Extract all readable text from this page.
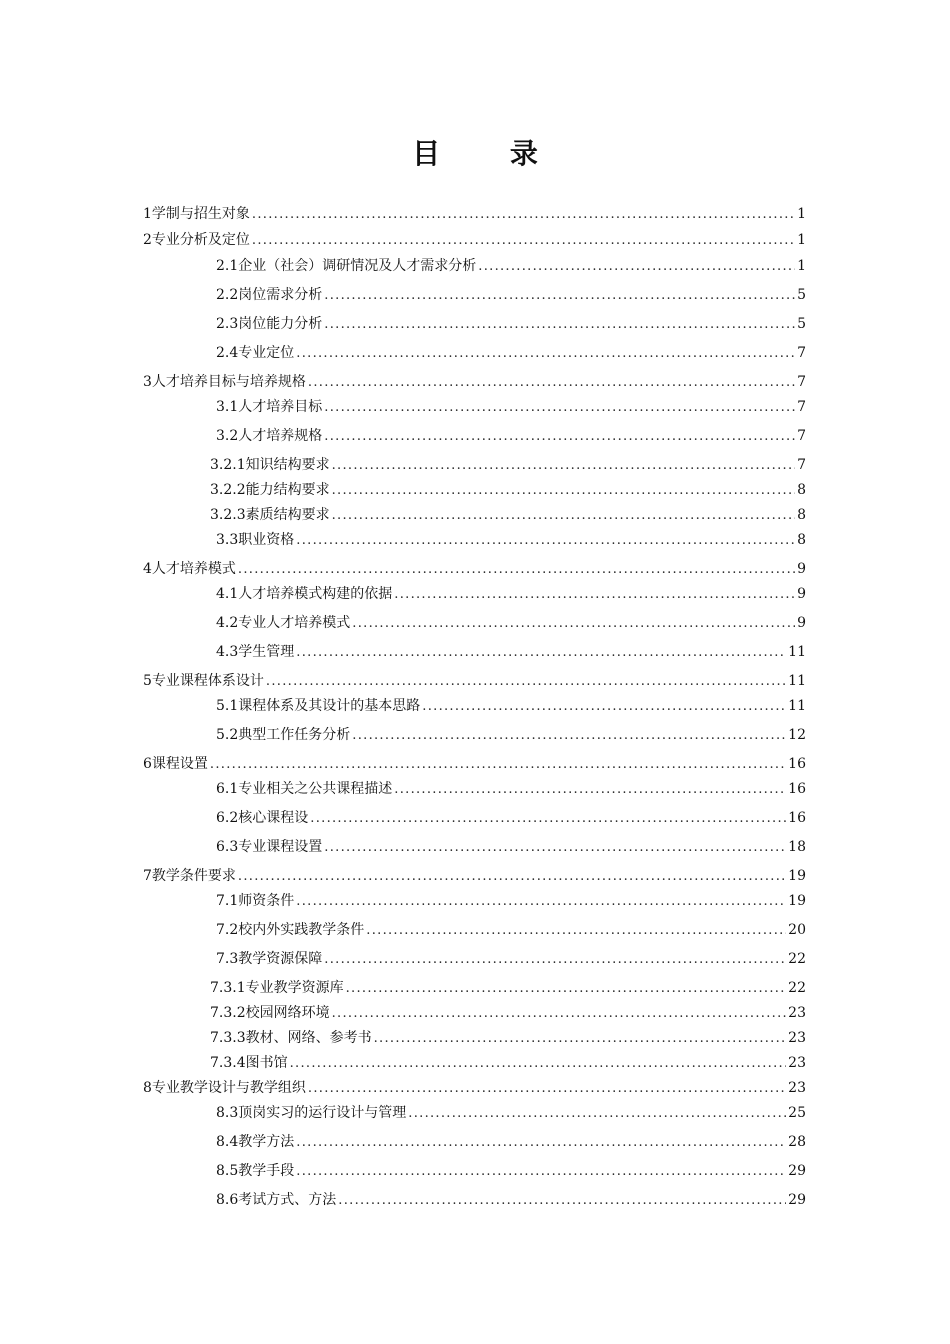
目 录
1学制与招生对象 .....	1
2专业分析及定位 .....	1
2.1企业（社会）调研情况及人才需求分析 .....	1
2.2岗位需求分析 .....	5
2.3岗位能力分析 .....	5
2.4专业定位 .....	7
3人才培养目标与培养规格 .....	7
3.1人才培养目标 .....	7
3.2人才培养规格 .....	7
3.2.1知识结构要求 .....	7
3.2.2能力结构要求 .....	8
3.2.3素质结构要求 .....	8
3.3职业资格 .....	8
4人才培养模式 .....	9
4.1人才培养模式构建的依据 .....	9
4.2专业人才培养模式 .....	9
4.3学生管理 .....	11
5专业课程体系设计 .....	11
5.1课程体系及其设计的基本思路 .....	11
5.2典型工作任务分析 .....	12
6课程设置 .....	16
6.1专业相关之公共课程描述 .....	16
6.2核心课程设 .....	16
6.3专业课程设置 .....	18
7教学条件要求 .....	19
7.1师资条件 .....	19
7.2校内外实践教学条件 .....	20
7.3教学资源保障 .....	22
7.3.1专业教学资源库 .....	22
7.3.2校园网络环境 .....	23
7.3.3教材、网络、参考书 .....	23
7.3.4图书馆 .....	23
8专业教学设计与教学组织 .....	23
8.3顶岗实习的运行设计与管理 .....	25
8.4教学方法 .....	28
8.5教学手段 .....	29
8.6考试方式、方法 .....	29
